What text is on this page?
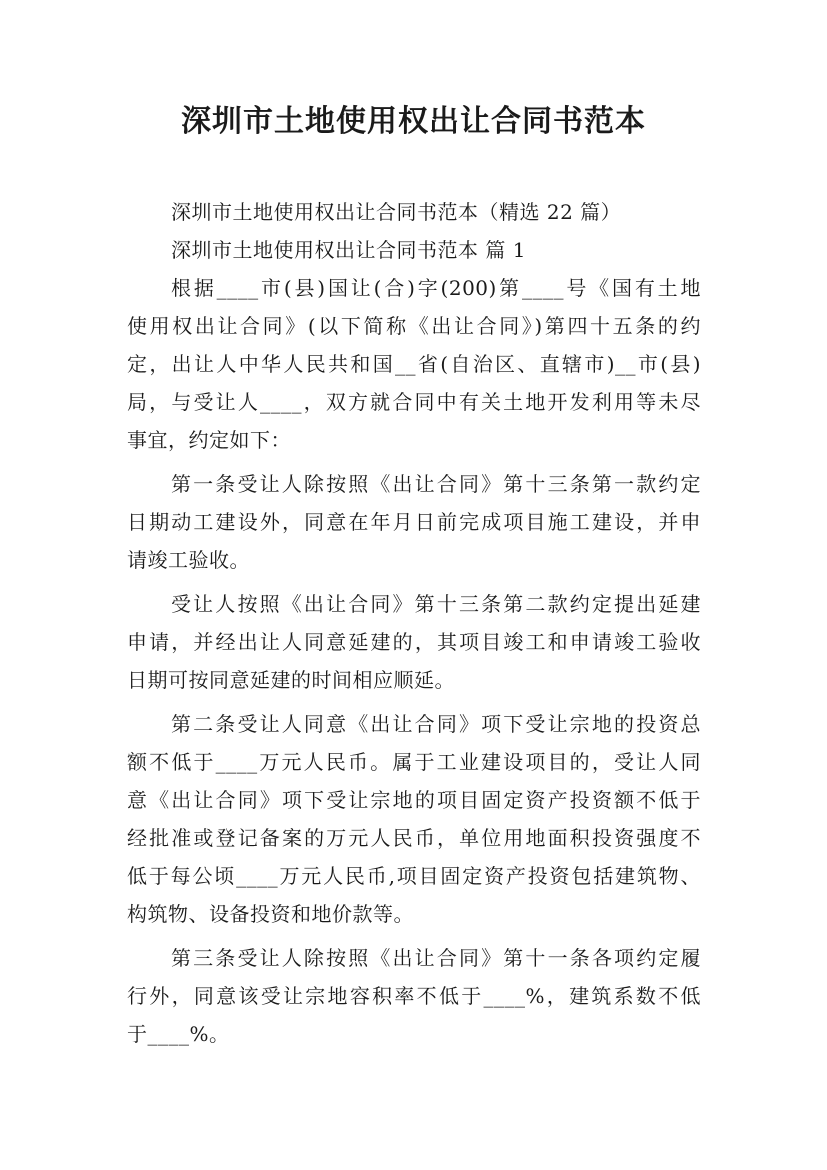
深圳市土地使用权出让合同书范本
深圳市土地使用权出让合同书范本（精选 22 篇）
深圳市土地使用权出让合同书范本 篇 1
根据____市(县)国让(合)字(200)第____号《国有土地
使用权出让合同》(以下简称《出让合同》)第四十五条的约
定，出让人中华人民共和国__省(自治区、直辖市)__市(县)
局，与受让人____，双方就合同中有关土地开发利用等未尽
事宜，约定如下：
第一条受让人除按照《出让合同》第十三条第一款约定
日期动工建设外，同意在年月日前完成项目施工建设，并申
请竣工验收。
受让人按照《出让合同》第十三条第二款约定提出延建
申请，并经出让人同意延建的，其项目竣工和申请竣工验收
日期可按同意延建的时间相应顺延。
第二条受让人同意《出让合同》项下受让宗地的投资总
额不低于____万元人民币。属于工业建设项目的，受让人同
意《出让合同》项下受让宗地的项目固定资产投资额不低于
经批准或登记备案的万元人民币，单位用地面积投资强度不
低于每公顷____万元人民币,项目固定资产投资包括建筑物、
构筑物、设备投资和地价款等。
第三条受让人除按照《出让合同》第十一条各项约定履
行外，同意该受让宗地容积率不低于____%，建筑系数不低
于____%。
